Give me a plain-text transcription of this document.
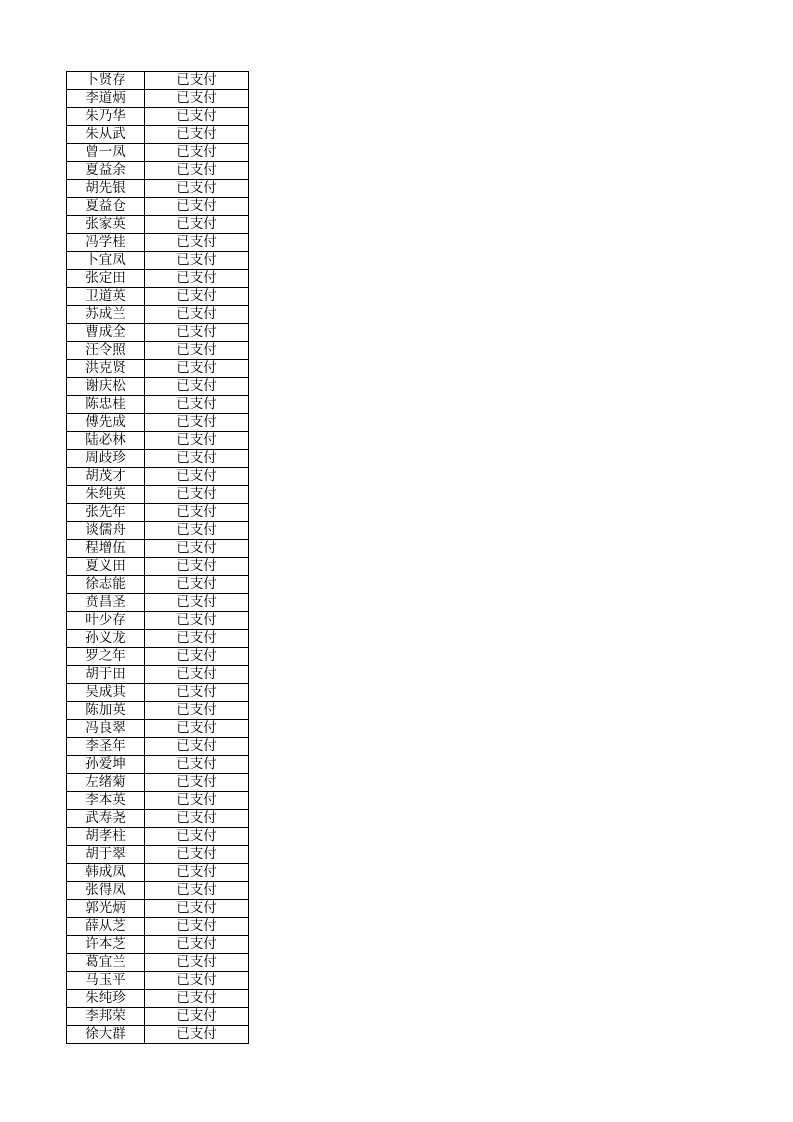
卜贤存	已支付
李道炳	已支付
朱乃华	已支付
朱从武	已支付
曾一凤	已支付
夏益余	已支付
胡先银	已支付
夏益仓	已支付
张家英	已支付
冯学桂	已支付
卜宜凤	已支付
张定田	已支付
卫道英	已支付
苏成兰	已支付
曹成全	已支付
汪令照	已支付
洪克贤	已支付
谢庆松	已支付
陈忠桂	已支付
傅先成	已支付
陆必林	已支付
周歧珍	已支付
胡茂才	已支付
朱纯英	已支付
张先年	已支付
谈儒舟	已支付
程增伍	已支付
夏义田	已支付
徐志能	已支付
贲昌圣	已支付
叶少存	已支付
孙义龙	已支付
罗之年	已支付
胡于田	已支付
吴成其	已支付
陈加英	已支付
冯良翠	已支付
李圣年	已支付
孙爱坤	已支付
左绪菊	已支付
李本英	已支付
武寿尧	已支付
胡孝柱	已支付
胡于翠	已支付
韩成凤	已支付
张得凤	已支付
郭光炳	已支付
薛从芝	已支付
许本芝	已支付
葛宜兰	已支付
马玉平	已支付
朱纯珍	已支付
李邦荣	已支付
徐大群	已支付
